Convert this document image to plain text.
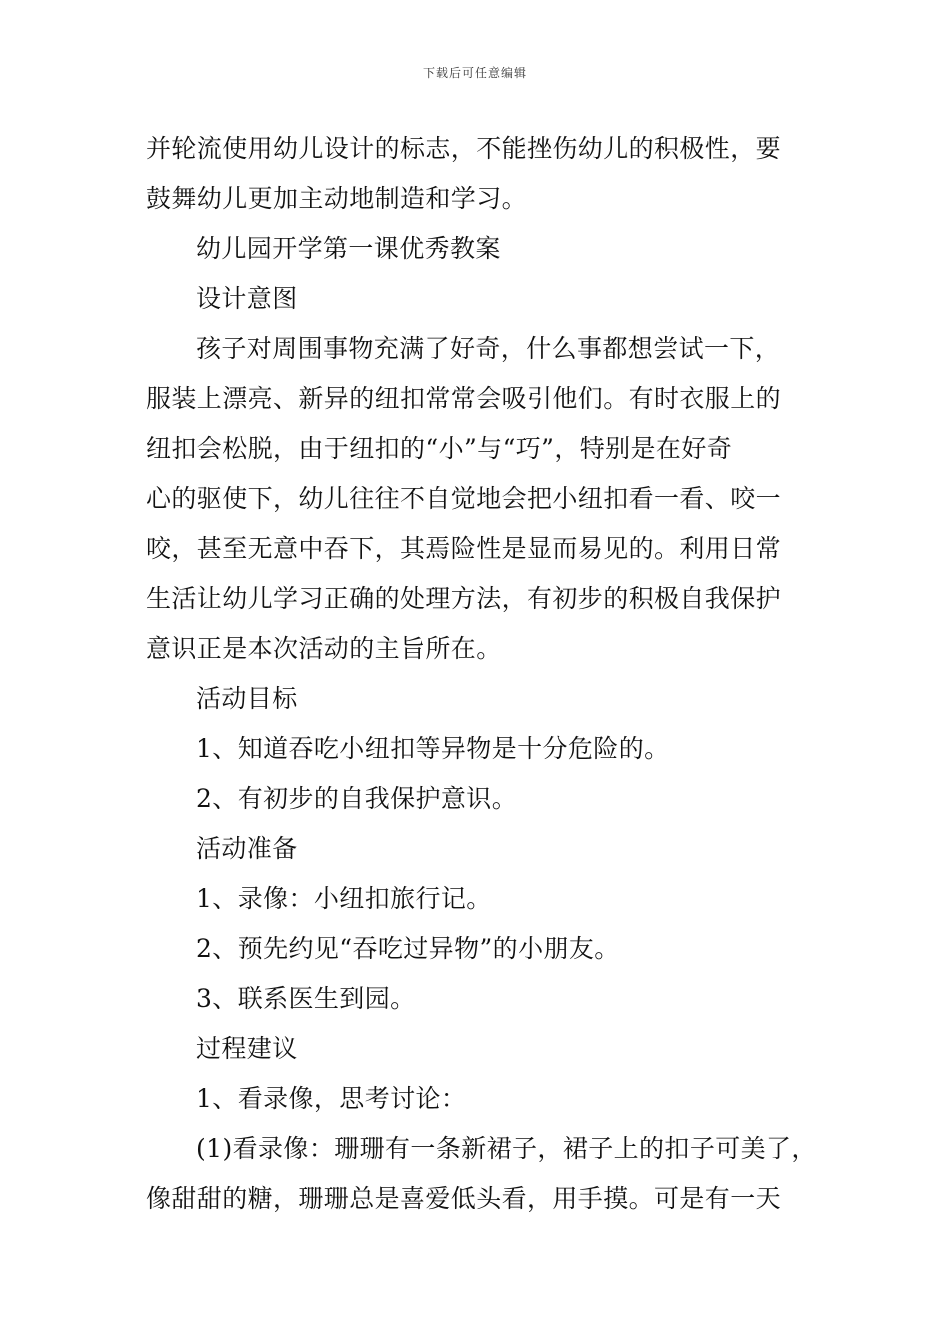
下载后可任意编辑
并轮流使用幼儿设计的标志，不能挫伤幼儿的积极性，要
鼓舞幼儿更加主动地制造和学习。
幼儿园开学第一课优秀教案
设计意图
孩子对周围事物充满了好奇，什么事都想尝试一下，
服装上漂亮、新异的纽扣常常会吸引他们。有时衣服上的
纽扣会松脱，由于纽扣的“小”与“巧”，特别是在好奇
心的驱使下，幼儿往往不自觉地会把小纽扣看一看、咬一
咬，甚至无意中吞下，其焉险性是显而易见的。利用日常
生活让幼儿学习正确的处理方法，有初步的积极自我保护
意识正是本次活动的主旨所在。
活动目标
1、知道吞吃小纽扣等异物是十分危险的。
2、有初步的自我保护意识。
活动准备
1、录像：小纽扣旅行记。
2、预先约见“吞吃过异物”的小朋友。
3、联系医生到园。
过程建议
1、看录像，思考讨论：
(1)看录像：珊珊有一条新裙子，裙子上的扣子可美了，
像甜甜的糖，珊珊总是喜爱低头看，用手摸。可是有一天
